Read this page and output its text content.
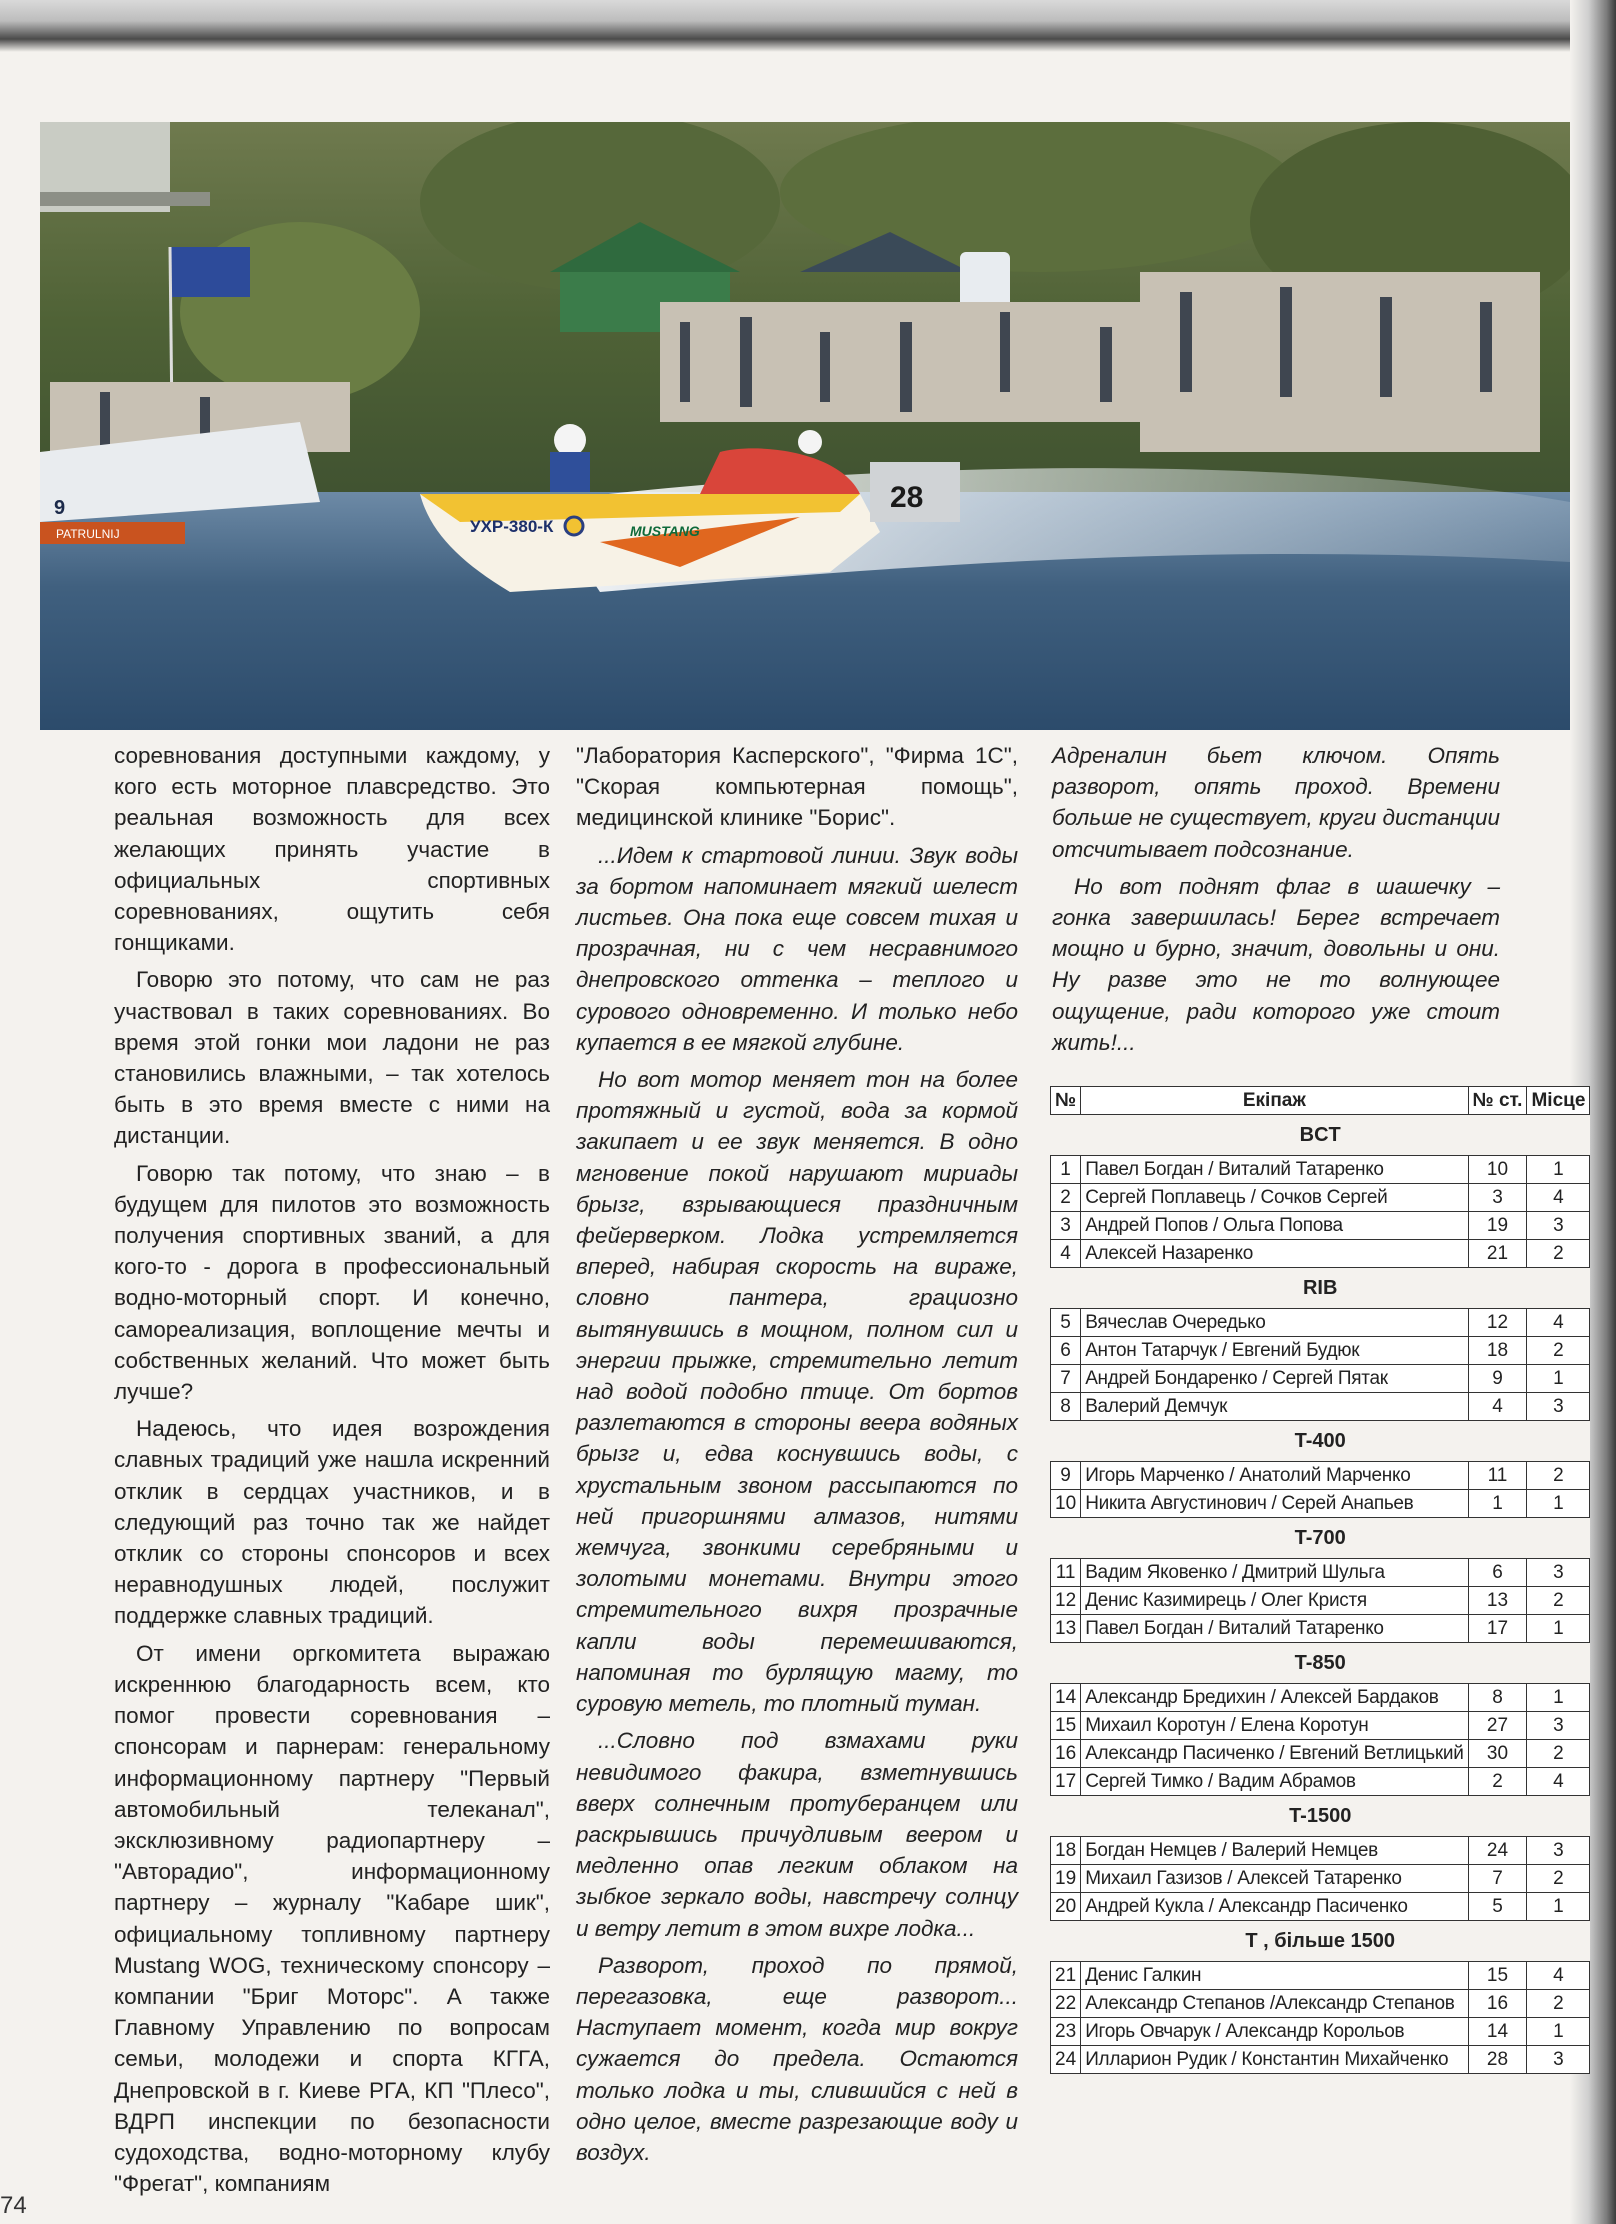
PATRULNIJ
9	28
УХР-380-К	MUSTANG

соревнования доступными каждому, у кого есть моторное плавсредство. Это реальная возможность для всех желающих принять участие в официальных спортивных соревнованиях, ощутить себя гонщиками.

Говорю это потому, что сам не раз участвовал в таких соревнованиях. Во время этой гонки мои ладони не раз становились влажными, – так хотелось быть в это время вместе с ними на дистанции.

Говорю так потому, что знаю – в будущем для пилотов это возможность получения спортивных званий, а для кого-то - дорога в профессиональный водно-моторный спорт. И конечно, самореализация, воплощение мечты и собственных желаний. Что может быть лучше?

Надеюсь, что идея возрождения славных традиций уже нашла искренний отклик в сердцах участников, и в следующий раз точно так же найдет отклик со стороны спонсоров и всех неравнодушных людей, послужит поддержке славных традиций.

От имени оргкомитета выражаю искреннюю благодарность всем, кто помог провести соревнования – спонсорам и парнерам: генеральному информационному партнеру "Первый автомобильный телеканал", эксклюзивному радиопартнеру – "Авторадио", информационному партнеру – журналу "Кабаре шик", официальному топливному партнеру Mustang WOG, техническому спонсору – компании "Бриг Моторс". А также Главному Управлению по вопросам семьи, молодежи и спорта КГГА, Днепровской в г. Киеве РГА, КП "Плесо", ВДРП инспекции по безопасности судоходства, водно-моторному клубу "Фрегат", компаниям

"Лаборатория Касперского", "Фирма 1С", "Скорая компьютерная помощь", медицинской клинике "Борис".

...Идем к стартовой линии. Звук воды за бортом напоминает мягкий шелест листьев. Она пока еще совсем тихая и прозрачная, ни с чем несравнимого днепровского оттенка – теплого и сурового одновременно. И только небо купается в ее мягкой глубине.

Но вот мотор меняет тон на более протяжный и густой, вода за кормой закипает и ее звук меняется. В одно мгновение покой нарушают мириады брызг, взрывающиеся праздничным фейерверком. Лодка устремляется вперед, набирая скорость на вираже, словно пантера, грациозно вытянувшись в мощном, полном сил и энергии прыжке, стремительно летит над водой подобно птице. От бортов разлетаются в стороны веера водяных брызг и, едва коснувшись воды, с хрустальным звоном рассыпаются по ней пригоршнями алмазов, нитями жемчуга, звонкими серебряными и золотыми монетами. Внутри этого стремительного вихря прозрачные капли воды перемешиваются, напоминая то бурлящую магму, то суровую метель, то плотный туман.

...Словно под взмахами руки невидимого факира, взметнувшись вверх солнечным протуберанцем или раскрывшись причудливым веером и медленно опав легким облаком на зыбкое зеркало воды, навстречу солнцу и ветру летит в этом вихре лодка...

Разворот, проход по прямой, перегазовка, еще разворот... Наступает момент, когда мир вокруг сужается до предела. Остаются только лодка и ты, слившийся с ней в одно целое, вместе разрезающие воду и воздух.

Адреналин бьет ключом. Опять разворот, опять проход. Времени больше не существует, круги дистанции отсчитывает подсознание.

Но вот поднят флаг в шашечку – гонка завершилась! Берег встречает мощно и бурно, значит, довольны и они. Ну разве это не то волнующее ощущение, ради которого уже стоит жить!...

№	Екіпаж	№ ст.	Місце
BCT			
1	Павел Богдан / Виталий Татаренко	10	1
2	Сергей Поплавець / Сочков Сергей	3	4
3	Андрей Попов / Ольга Попова	19	3
4	Алексей Назаренко	21	2
RIB			
5	Вячеслав Очередько	12	4
6	Антон Татарчук / Евгений Будюк	18	2
7	Андрей Бондаренко / Сергей Пятак	9	1
8	Валерий Демчук	4	3
T-400			
9	Игорь Марченко / Анатолий Марченко	11	2
10	Никита Августинович / Серей Анапьев	1	1
T-700			
11	Вадим Яковенко / Дмитрий Шульга	6	3
12	Денис Казимирець / Олег Кристя	13	2
13	Павел Богдан / Виталий Татаренко	17	1
T-850			
14	Александр Бредихин / Алексей Бардаков	8	1
15	Михаил Коротун / Елена Коротун	27	3
16	Александр Пасиченко / Евгений Ветлицький	30	2
17	Сергей Тимко / Вадим Абрамов	2	4
T-1500			
18	Богдан Немцев / Валерий Немцев	24	3
19	Михаил Газизов / Алексей Татаренко	7	2
20	Андрей Кукла / Александр Пасиченко	5	1
T , більше 1500			
21	Денис Галкин	15	4
22	Александр Степанов /Александр Степанов	16	2
23	Игорь Овчарук / Александр Корольов	14	1
24	Илларион Рудик / Константин Михайченко	28	3
74
